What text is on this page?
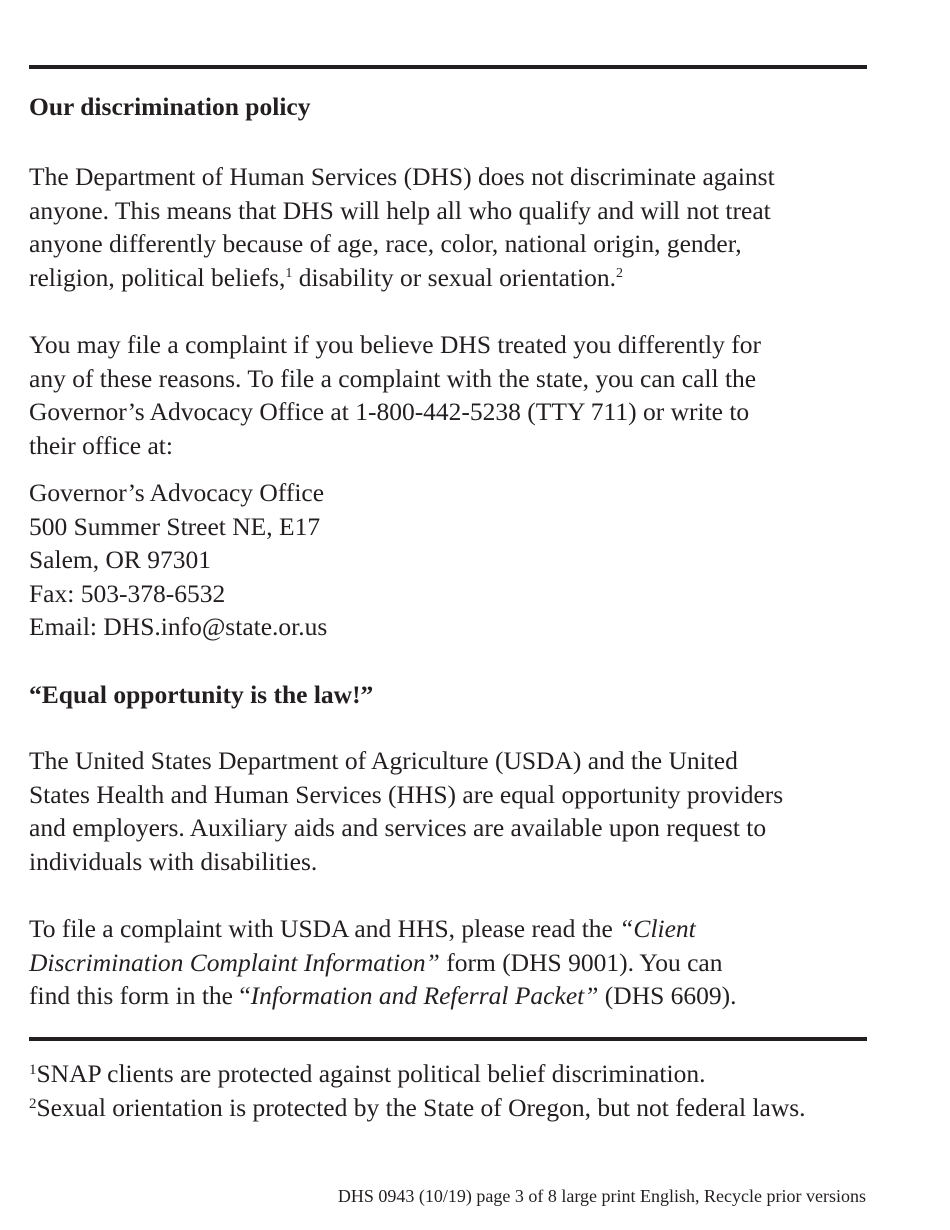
Our discrimination policy
The Department of Human Services (DHS) does not discriminate against
anyone. This means that DHS will help all who qualify and will not treat
anyone differently because of age, race, color, national origin, gender,
religion, political beliefs,$^1$ disability or sexual orientation.$^2$
You may file a complaint if you believe DHS treated you differently for
any of these reasons. To file a complaint with the state, you can call the
Governor’s Advocacy Office at 1-800-442-5238 (TTY 711) or write to
their office at:
Governor’s Advocacy Office
500 Summer Street NE, E17
Salem, OR 97301
Fax: 503-378-6532
Email: DHS.info@state.or.us
“Equal opportunity is the law!”
The United States Department of Agriculture (USDA) and the United
States Health and Human Services (HHS) are equal opportunity providers
and employers. Auxiliary aids and services are available upon request to
individuals with disabilities.
To file a complaint with USDA and HHS, please read the “Client
Discrimination Complaint Information” form (DHS 9001). You can
find this form in the “Information and Referral Packet” (DHS 6609).
$^1$SNAP clients are protected against political belief discrimination.
$^2$Sexual orientation is protected by the State of Oregon, but not federal laws.
DHS 0943 (10/19) page 3 of 8 large print English, Recycle prior versions
